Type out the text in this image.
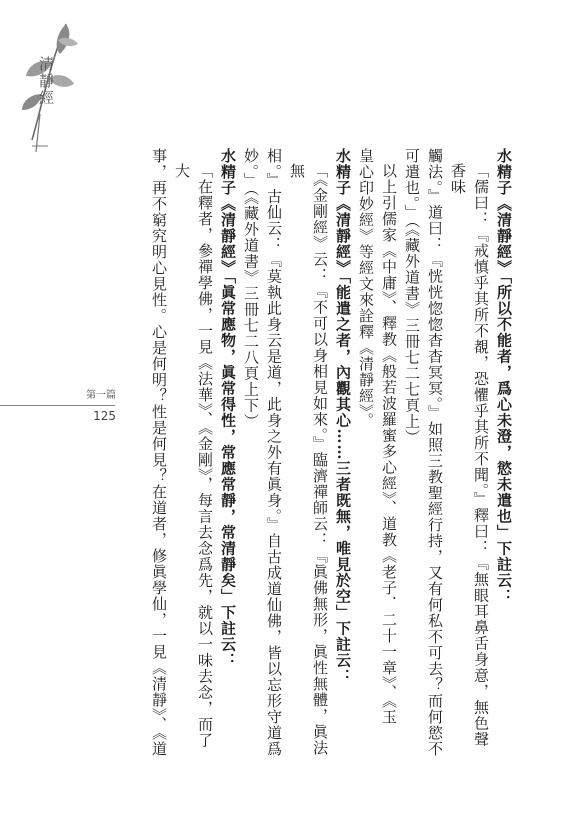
清靜經
第一篇
125	水精子《清靜經》「所以不能者，爲心未澄，慾未遣也」下註云：
「儒曰：『戒慎乎其所不覩，恐懼乎其所不聞。』釋曰：『無眼耳鼻舌身意，無色聲香味
觸法。』道曰：『恍恍惚惚杳杳冥冥。』如照三教聖經行持，又有何私不可去？而何慾不
可遣也。」（《藏外道書》三冊七二七頁上）
以上引儒家《中庸》、釋教《般若波羅蜜多心經》、道教《老子．二十一章》、《玉
皇心印妙經》等經文來詮釋《清靜經》。
水精子《清靜經》「能遣之者，內觀其心……三者既無，唯見於空」下註云：
「《金剛經》云：『不可以身相見如來。』臨濟禪師云：『眞佛無形，眞性無體，眞法無
相。』古仙云：『莫執此身云是道，此身之外有眞身。』自古成道仙佛，皆以忘形守道爲
妙。」（《藏外道書》三冊七二八頁上下）
水精子《清靜經》「眞常應物，眞常得性，常應常靜，常清靜矣」下註云：
「在釋者，參禪學佛，一見《法華》、《金剛》，每言去念爲先，就以一味去念，而了大
事，再不窮究明心見性。心是何明？性是何見？在道者，修眞學仙，一見《清靜》、《道
